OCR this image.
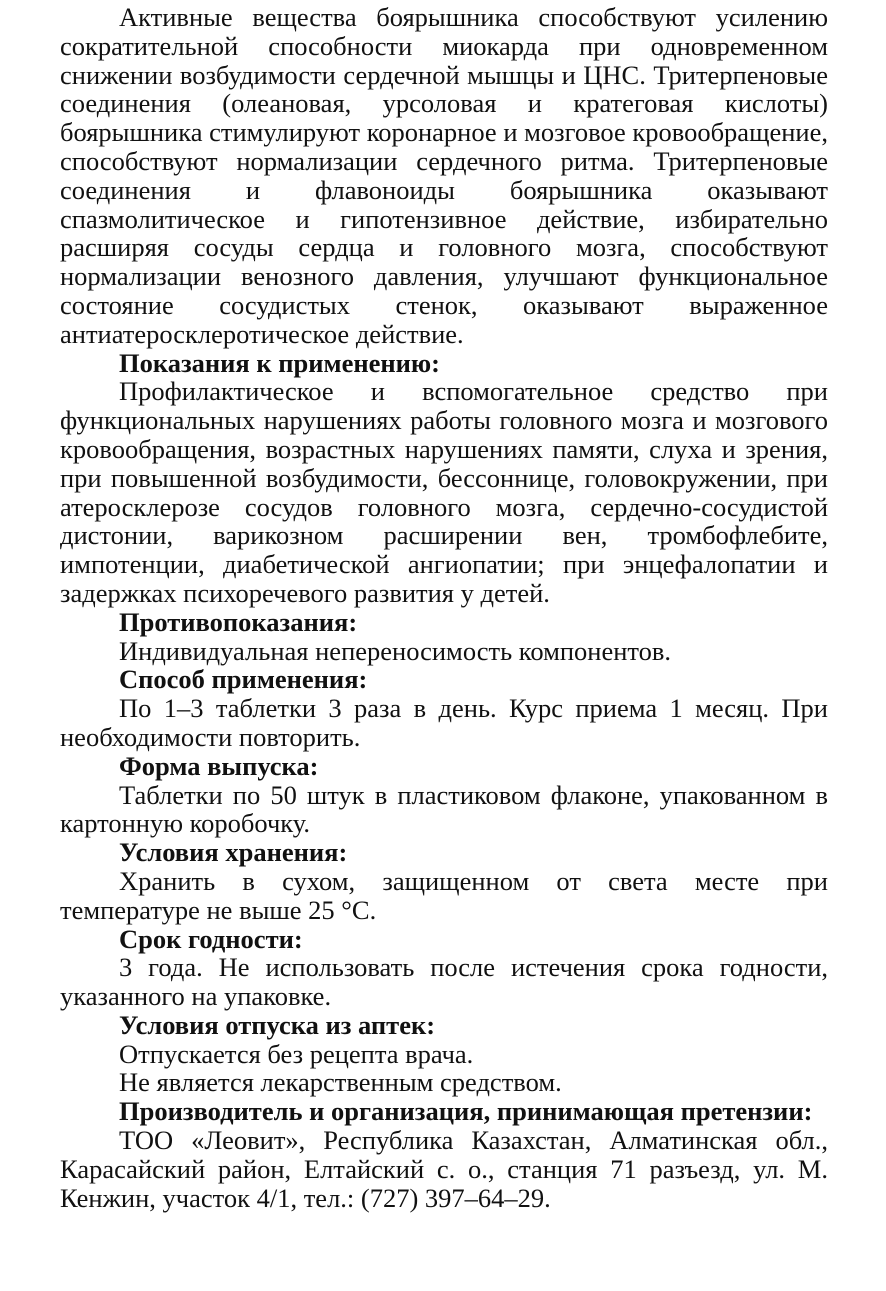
Активные вещества боярышника способствуют усилению сократительной способности миокарда при одновременном снижении возбудимости сердечной мышцы и ЦНС. Тритерпеновые соединения (олеановая, урсоловая и кратеговая кислоты) боярышника стимулируют коронарное и мозговое кровообращение, способствуют нормализации сердечного ритма. Тритерпеновые соединения и флавоноиды боярышника оказывают спазмолитическое и гипотензивное действие, избирательно расширяя сосуды сердца и головного мозга, способствуют нормализации венозного давления, улучшают функциональное состояние сосудистых стенок, оказывают выраженное антиатеросклеротическое действие.

Показания к применению:

Профилактическое и вспомогательное средство при функциональных нарушениях работы головного мозга и мозгового кровообращения, возрастных нарушениях памяти, слуха и зрения, при повышенной возбудимости, бессоннице, головокружении, при атеросклерозе сосудов головного мозга, сердечно-сосудистой дистонии, варикозном расширении вен, тромбофлебите, импотенции, диабетической ангиопатии; при энцефалопатии и задержках психоречевого развития у детей.

Противопоказания:

Индивидуальная непереносимость компонентов.

Способ применения:

По 1–3 таблетки 3 раза в день. Курс приема 1 месяц. При необходимости повторить.

Форма выпуска:

Таблетки по 50 штук в пластиковом флаконе, упакованном в картонную коробочку.

Условия хранения:

Хранить в сухом, защищенном от света месте при температуре не выше 25 °С.

Срок годности:

3 года. Не использовать после истечения срока годности, указанного на упаковке.

Условия отпуска из аптек:

Отпускается без рецепта врача.

Не является лекарственным средством.

Производитель и организация, принимающая претензии:

ТОО «Леовит», Республика Казахстан, Алматинская обл., Карасайский район, Елтайский с. о., станция 71 разъезд, ул. М. Кенжин, участок 4/1, тел.: (727) 397–64–29.
